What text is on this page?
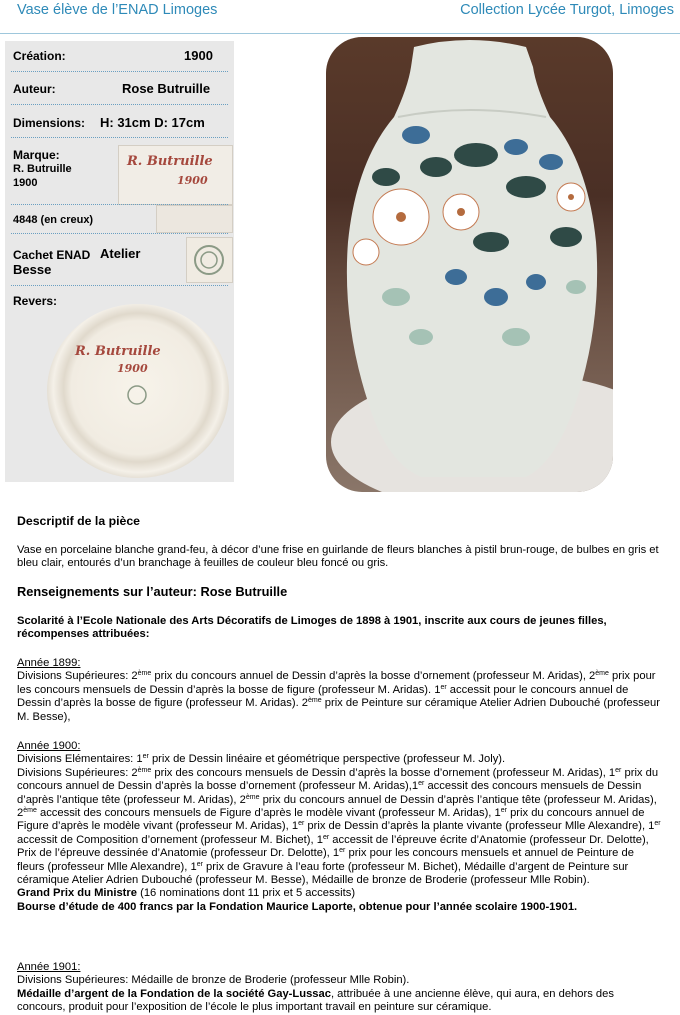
Vase élève de l’ENAD Limoges	Collection Lycée Turgot, Limoges
Création:	1900
Auteur:	Rose Butruille
Dimensions: H: 31cm D: 17cm
Marque:
R. Butruille
1900
R. Butruille
1900
4848 (en creux)
Cachet ENAD Atelier
Besse
Revers:
R. Butruille
1900
Descriptif de la pièce
Vase en porcelaine blanche grand-feu, à décor d’une frise en guirlande de fleurs blanches à pistil brun-rouge, de bulbes en gris et bleu clair, entourés d’un branchage à feuilles de couleur bleu foncé ou gris.
Renseignements sur l’auteur: Rose Butruille
Scolarité à l’Ecole Nationale des Arts Décoratifs de Limoges de 1898 à 1901, inscrite aux cours de jeunes filles, récompenses attribuées:
Année 1899:
Divisions Supérieures: 2ème prix du concours annuel de Dessin d’après la bosse d’ornement (professeur M. Aridas), 2ème prix pour les concours mensuels de Dessin d’après la bosse de figure (professeur M. Aridas). 1er accessit pour le concours annuel de Dessin d’après la bosse de figure (professeur M. Aridas). 2ème prix de Peinture sur céramique Atelier Adrien Dubouché (professeur M. Besse),
Année 1900:
Divisions Elémentaires: 1er prix de Dessin linéaire et géométrique perspective (professeur M. Joly).
Divisions Supérieures: 2ème prix des concours mensuels de Dessin d’après la bosse d’ornement (professeur M. Aridas), 1er prix du concours annuel de Dessin d’après la bosse d’ornement (professeur M. Aridas),1er accessit des concours mensuels de Dessin d’après l’antique tête (professeur M. Aridas), 2ème prix du concours annuel de Dessin d’après l’antique tête (professeur M. Aridas), 2ème accessit des concours mensuels de Figure d’après le modèle vivant (professeur M. Aridas), 1er prix du concours annuel de Figure d’après le modèle vivant (professeur M. Aridas), 1er prix de Dessin d’après la plante vivante (professeur Mlle Alexandre), 1er accessit de Composition d’ornement (professeur M. Bichet), 1er accessit de l’épreuve écrite d’Anatomie (professeur Dr. Delotte), Prix de l’épreuve dessinée d’Anatomie (professeur Dr. Delotte), 1er prix pour les concours mensuels et annuel de Peinture de fleurs (professeur Mlle Alexandre), 1er prix de Gravure à l’eau forte (professeur M. Bichet), Médaille d’argent de Peinture sur céramique Atelier Adrien Dubouché (professeur M. Besse), Médaille de bronze de Broderie (professeur Mlle Robin).
Grand Prix du Ministre (16 nominations dont 11 prix et 5 accessits)
Bourse d’étude de 400 francs par la Fondation Maurice Laporte, obtenue pour l’année scolaire 1900-1901.
Année 1901:
Divisions Supérieures: Médaille de bronze de Broderie (professeur Mlle Robin).
Médaille d’argent de la Fondation de la société Gay-Lussac, attribuée à une ancienne élève, qui aura, en dehors des concours, produit pour l’exposition de l’école le plus important travail en peinture sur céramique.
